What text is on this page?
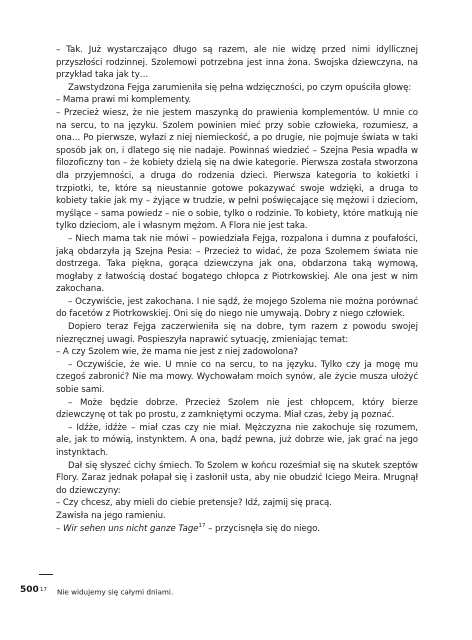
– Tak. Już wystarczająco długo są razem, ale nie widzę przed nimi idyllicznej przyszłości rodzinnej. Szolemowi potrzebna jest inna żona. Swojska dziewczyna, na przykład taka jak ty…

Zawstydzona Fejga zarumieniła się pełna wdzięczności, po czym opuściła głowę:

– Mama prawi mi komplementy.

– Przecież wiesz, że nie jestem maszynką do prawienia komplementów. U mnie co na sercu, to na języku. Szolem powinien mieć przy sobie człowieka, rozumiesz, a ona… Po pierwsze, wyłazi z niej niemieckość, a po drugie, nie pojmuje świata w taki sposób jak on, i dlatego się nie nadaje. Powinnaś wiedzieć – Szejna Pesia wpadła w filozoficzny ton – że kobiety dzielą się na dwie kategorie. Pierwsza została stworzona dla przyjemności, a druga do rodzenia dzieci. Pierwsza kategoria to kokietki i trzpiotki, te, które są nieustannie gotowe pokazywać swoje wdzięki, a druga to kobiety takie jak my – żyjące w trudzie, w pełni poświęcające się mężowi i dzieciom, myślące – sama powiedz – nie o sobie, tylko o rodzinie. To kobiety, które matkują nie tylko dzieciom, ale i własnym mężom. A Flora nie jest taka.

– Niech mama tak nie mówi – powiedziała Fejga, rozpalona i dumna z poufałości, jaką obdarzyła ją Szejna Pesia: – Przecież to widać, że poza Szolemem świata nie dostrzega. Taka piękna, gorąca dziewczyna jak ona, obdarzona taką wymową, mogłaby z łatwością dostać bogatego chłopca z Piotrkowskiej. Ale ona jest w nim zakochana.

– Oczywiście, jest zakochana. I nie sądź, że mojego Szolema nie można porównać do facetów z Piotrkowskiej. Oni się do niego nie umywają. Dobry z niego człowiek.

Dopiero teraz Fejga zaczerwieniła się na dobre, tym razem z powodu swojej niezręcznej uwagi. Pospieszyła naprawić sytuację, zmieniając temat:

– A czy Szolem wie, że mama nie jest z niej zadowolona?

– Oczywiście, że wie. U mnie co na sercu, to na języku. Tylko czy ja mogę mu czegoś zabronić? Nie ma mowy. Wychowałam moich synów, ale życie musza ułożyć sobie sami.

– Może będzie dobrze. Przecież Szolem nie jest chłopcem, który bierze dziewczynę ot tak po prostu, z zamkniętymi oczyma. Miał czas, żeby ją poznać.

– Idźże, idźże – miał czas czy nie miał. Mężczyzna nie zakochuje się rozumem, ale, jak to mówią, instynktem. A ona, bądź pewna, już dobrze wie, jak grać na jego instynktach.

Dał się słyszeć cichy śmiech. To Szolem w końcu roześmiał się na skutek szeptów Flory. Zaraz jednak połapał się i zasłonił usta, aby nie obudzić Iciego Meira. Mrugnął do dziewczyny:

– Czy chcesz, aby mieli do ciebie pretensje? Idź, zajmij się pracą.

Zawisła na jego ramieniu.

– Wir sehen uns nicht ganze Tage$^{17}$ – przycisnęła się do niego.

500 $^{17}$ Nie widujemy się całymi dniami.
